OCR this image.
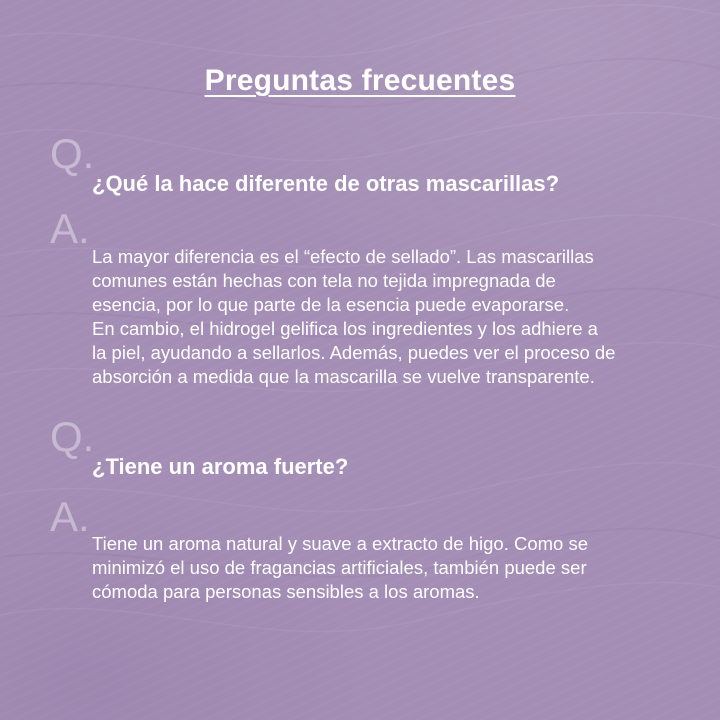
Preguntas frecuentes
Q.
¿Qué la hace diferente de otras mascarillas?
A.
La mayor diferencia es el “efecto de sellado”. Las mascarillas
comunes están hechas con tela no tejida impregnada de
esencia, por lo que parte de la esencia puede evaporarse.
En cambio, el hidrogel gelifica los ingredientes y los adhiere a
la piel, ayudando a sellarlos. Además, puedes ver el proceso de
absorción a medida que la mascarilla se vuelve transparente.
Q.
¿Tiene un aroma fuerte?
A.
Tiene un aroma natural y suave a extracto de higo. Como se
minimizó el uso de fragancias artificiales, también puede ser
cómoda para personas sensibles a los aromas.
